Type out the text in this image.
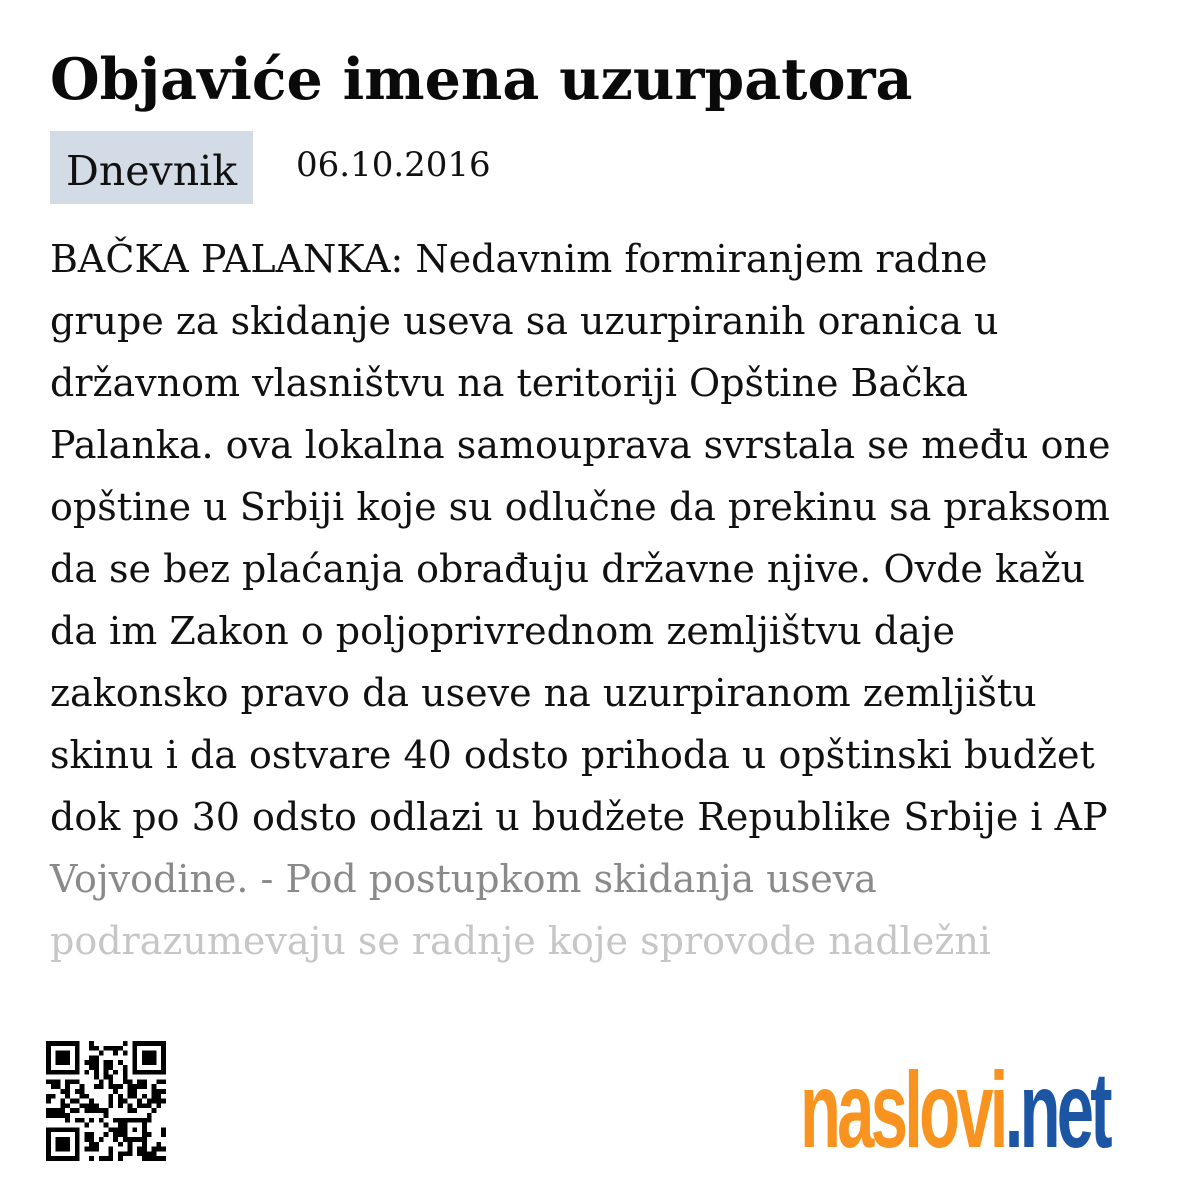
Objaviće imena uzurpatora
Dnevnik	06.10.2016
BAČKA PALANKA: Nedavnim formiranjem radne
grupe za skidanje useva sa uzurpiranih oranica u
državnom vlasništvu na teritoriji Opštine Bačka
Palanka. ova lokalna samouprava svrstala se među one
opštine u Srbiji koje su odlučne da prekinu sa praksom
da se bez plaćanja obrađuju državne njive. Ovde kažu
da im Zakon o poljoprivrednom zemljištvu daje
zakonsko pravo da useve na uzurpiranom zemljištu
skinu i da ostvare 40 odsto prihoda u opštinski budžet
dok po 30 odsto odlazi u budžete Republike Srbije i AP
Vojvodine. - Pod postupkom skidanja useva
podrazumevaju se radnje koje sprovode nadležni
naslovi.net
